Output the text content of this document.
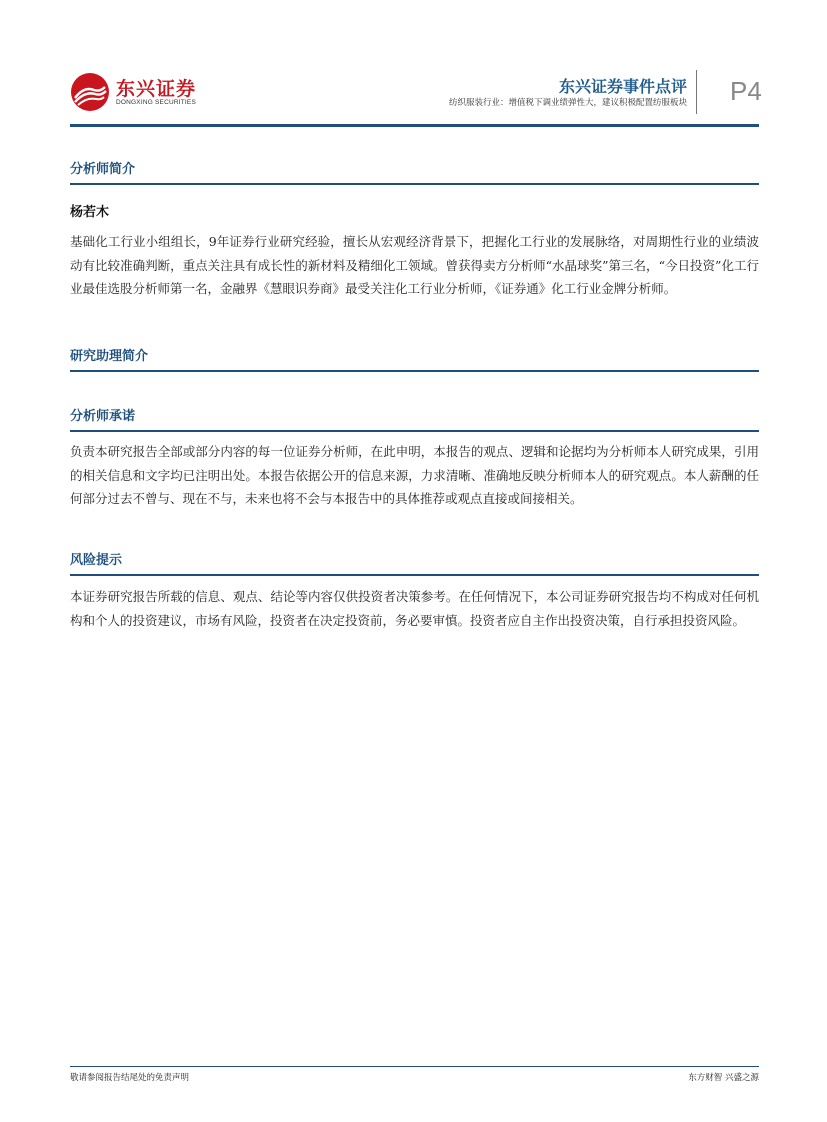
东兴证券
DONGXING SECURITIES
东兴证券事件点评
纺织服装行业：增值税下调业绩弹性大，建议积极配置纺服板块 P4
分析师简介

杨若木

基础化工行业小组组长，9年证券行业研究经验，擅长从宏观经济背景下，把握化工行业的发展脉络，对周期性行业的业绩波动有比较准确判断，重点关注具有成长性的新材料及精细化工领域。曾获得卖方分析师“水晶球奖”第三名，“今日投资”化工行业最佳选股分析师第一名，金融界《慧眼识券商》最受关注化工行业分析师，《证券通》化工行业金牌分析师。

研究助理简介
分析师承诺

负责本研究报告全部或部分内容的每一位证券分析师，在此申明，本报告的观点、逻辑和论据均为分析师本人研究成果，引用的相关信息和文字均已注明出处。本报告依据公开的信息来源，力求清晰、准确地反映分析师本人的研究观点。本人薪酬的任何部分过去不曾与、现在不与，未来也将不会与本报告中的具体推荐或观点直接或间接相关。

风险提示

本证券研究报告所载的信息、观点、结论等内容仅供投资者决策参考。在任何情况下，本公司证券研究报告均不构成对任何机构和个人的投资建议，市场有风险，投资者在决定投资前，务必要审慎。投资者应自主作出投资决策，自行承担投资风险。

敬请参阅报告结尾处的免责声明	东方财智 兴盛之源
